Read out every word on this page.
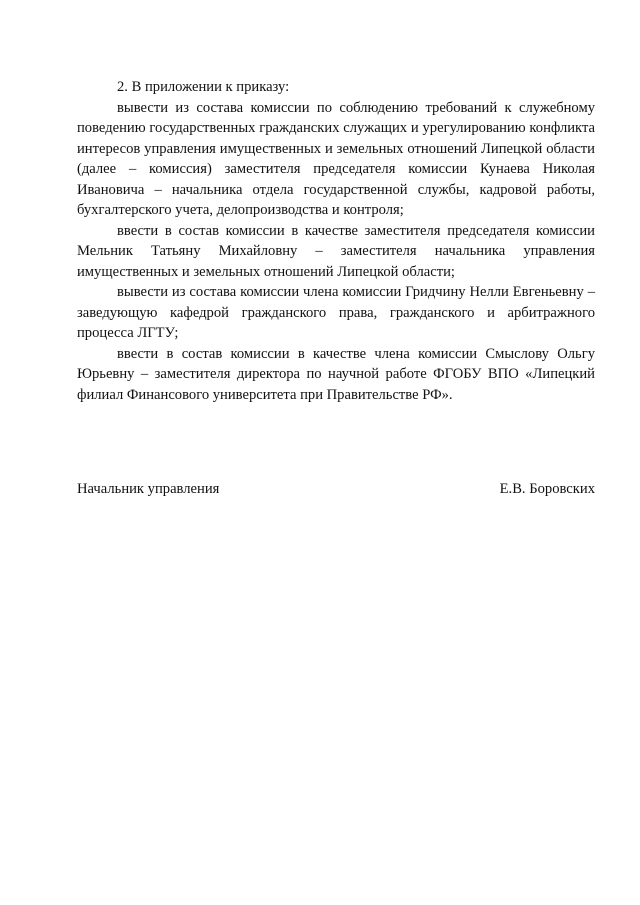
2. В приложении к приказу:

вывести из состава комиссии по соблюдению требований к служебному поведению государственных гражданских служащих и урегулированию конфликта интересов управления имущественных и земельных отношений Липецкой области (далее – комиссия) заместителя председателя комиссии Кунаева Николая Ивановича – начальника отдела государственной службы, кадровой работы, бухгалтерского учета, делопроизводства и контроля;

ввести в состав комиссии в качестве заместителя председателя комиссии Мельник Татьяну Михайловну – заместителя начальника управления имущественных и земельных отношений Липецкой области;

вывести из состава комиссии члена комиссии Гридчину Нелли Евгеньевну – заведующую кафедрой гражданского права, гражданского и арбитражного процесса ЛГТУ;

ввести в состав комиссии в качестве члена комиссии Смыслову Ольгу Юрьевну – заместителя директора по научной работе ФГОБУ ВПО «Липецкий филиал Финансового университета при Правительстве РФ».

Начальник управления	Е.В. Боровских
